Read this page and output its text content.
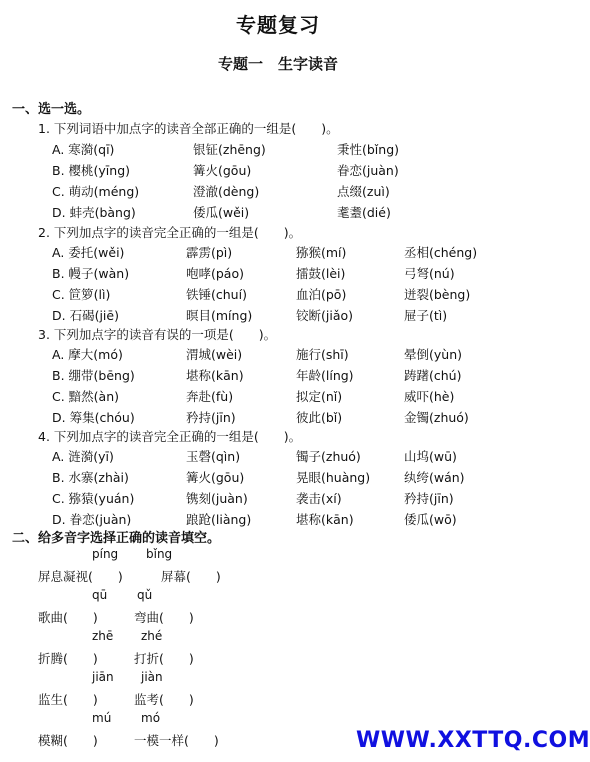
专题复习
专题一　生字读音
一、选一选。
1. 下列词语中加点字的读音全部正确的一组是(　　)。
A. 寒漪(qī)	银钲(zhēng)	秉性(bǐng)
B. 樱桃(yīng)	篝火(gōu)	眷恋(juàn)
C. 萌动(méng)	澄澈(dèng)	点缀(zuì)
D. 蚌壳(bàng)	倭瓜(wěi)	耄耋(dié)
2. 下列加点字的读音完全正确的一组是(　　)。
A. 委托(wěi)	霹雳(pì)	猕猴(mí)	丞相(chéng)
B. 幔子(wàn)	咆哮(páo)	擂鼓(lèi)	弓弩(nú)
C. 笸箩(lì)	铁锤(chuí)	血泊(pō)	迸裂(bèng)
D. 石碣(jiē)	暝目(míng)	铰断(jiǎo)	屉子(tì)
3. 下列加点字的读音有误的一项是(　　)。
A. 摩大(mó)	渭城(wèi)	施行(shī)	晕倒(yùn)
B. 绷带(bēng)	堪称(kān)	年龄(líng)	踌躇(chú)
C. 黯然(àn)	奔赴(fù)	拟定(nǐ)	威吓(hè)
D. 筹集(chóu)	矜持(jīn)	彼此(bǐ)	金镯(zhuó)
4. 下列加点字的读音完全正确的一组是(　　)。
A. 涟漪(yī)	玉磬(qìn)	镯子(zhuó)	山坞(wū)
B. 水寨(zhài)	篝火(gōu)	晃眼(huàng)	纨绔(wán)
C. 猕猿(yuán)	镌刻(juàn)	袭击(xí)	矜持(jīn)
D. 眷恋(juàn)	踉跄(liàng)	堪称(kān)	倭瓜(wō)
二、给多音字选择正确的读音填空。
píng bǐng
屏息凝视(　　)	屏幕(　　)
qū qǔ
歌曲(　　)	弯曲(　　)
zhē zhé
折腾(　　)	打折(　　)
jiān jiàn
监生(　　)	监考(　　)
mú mó
模糊(　　)	一模一样(　　)	WWW.XXTTQ.COM
